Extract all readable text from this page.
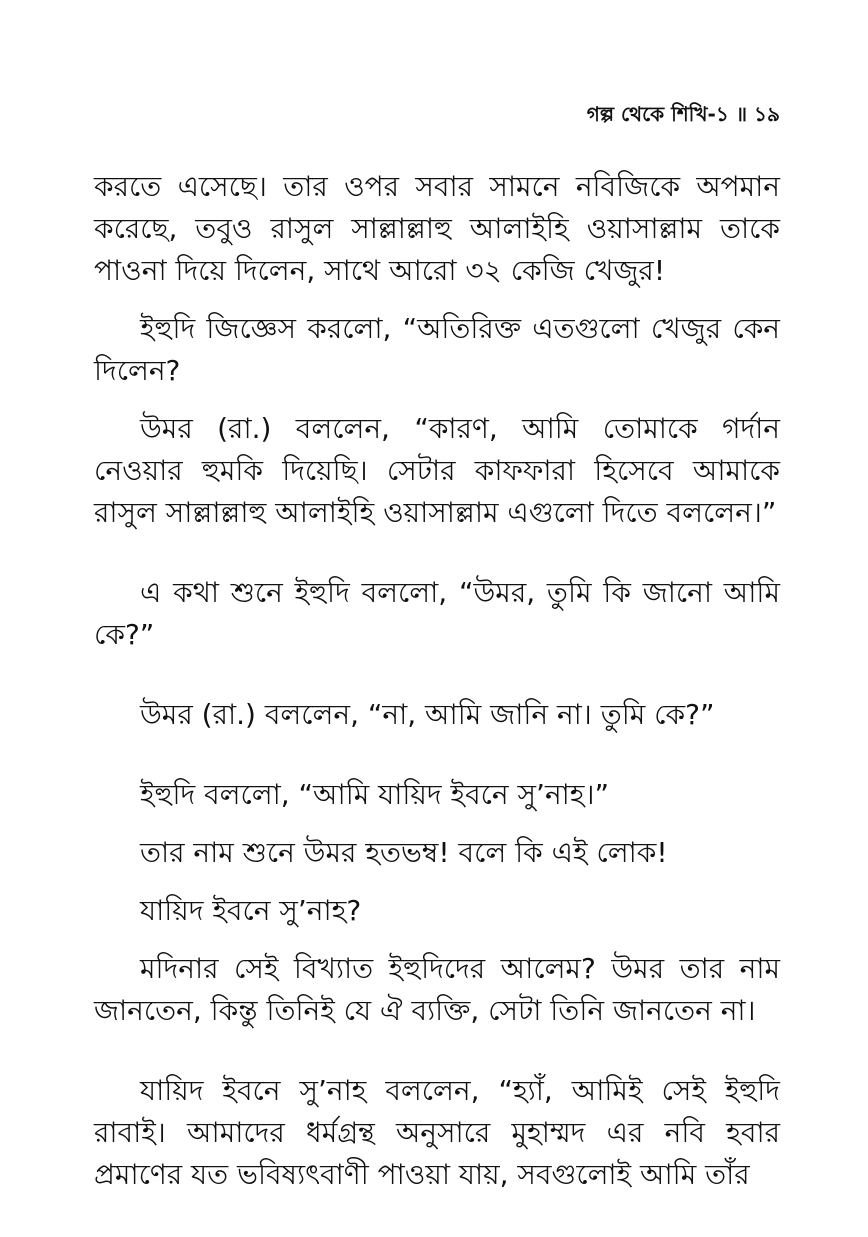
গল্প থেকে শিখি-১ ॥ ১৯

করতে এসেছে। তার ওপর সবার সামনে নবিজিকে অপমান করেছে, তবুও রাসুল সাল্লাল্লাহু আলাইহি ওয়াসাল্লাম তাকে পাওনা দিয়ে দিলেন, সাথে আরো ৩২ কেজি খেজুর!

ইহুদি জিজ্ঞেস করলো, “অতিরিক্ত এতগুলো খেজুর কেন দিলেন?

উমর (রা.) বললেন, “কারণ, আমি তোমাকে গর্দান নেওয়ার হুমকি দিয়েছি। সেটার কাফফারা হিসেবে আমাকে রাসুল সাল্লাল্লাহু আলাইহি ওয়াসাল্লাম এগুলো দিতে বললেন।”

এ কথা শুনে ইহুদি বললো, “উমর, তুমি কি জানো আমি কে?”

উমর (রা.) বললেন, “না, আমি জানি না। তুমি কে?”

ইহুদি বললো, “আমি যায়িদ ইবনে সু’নাহ।”

তার নাম শুনে উমর হতভম্ব! বলে কি এই লোক!

যায়িদ ইবনে সু’নাহ?

মদিনার সেই বিখ্যাত ইহুদিদের আলেম? উমর তার নাম জানতেন, কিন্তু তিনিই যে ঐ ব্যক্তি, সেটা তিনি জানতেন না।

যায়িদ ইবনে সু’নাহ বললেন, “হ্যাঁ, আমিই সেই ইহুদি রাবাই। আমাদের ধর্মগ্রন্থ অনুসারে মুহাম্মদ এর নবি হবার প্রমাণের যত ভবিষ্যৎবাণী পাওয়া যায়, সবগুলোই আমি তাঁর
